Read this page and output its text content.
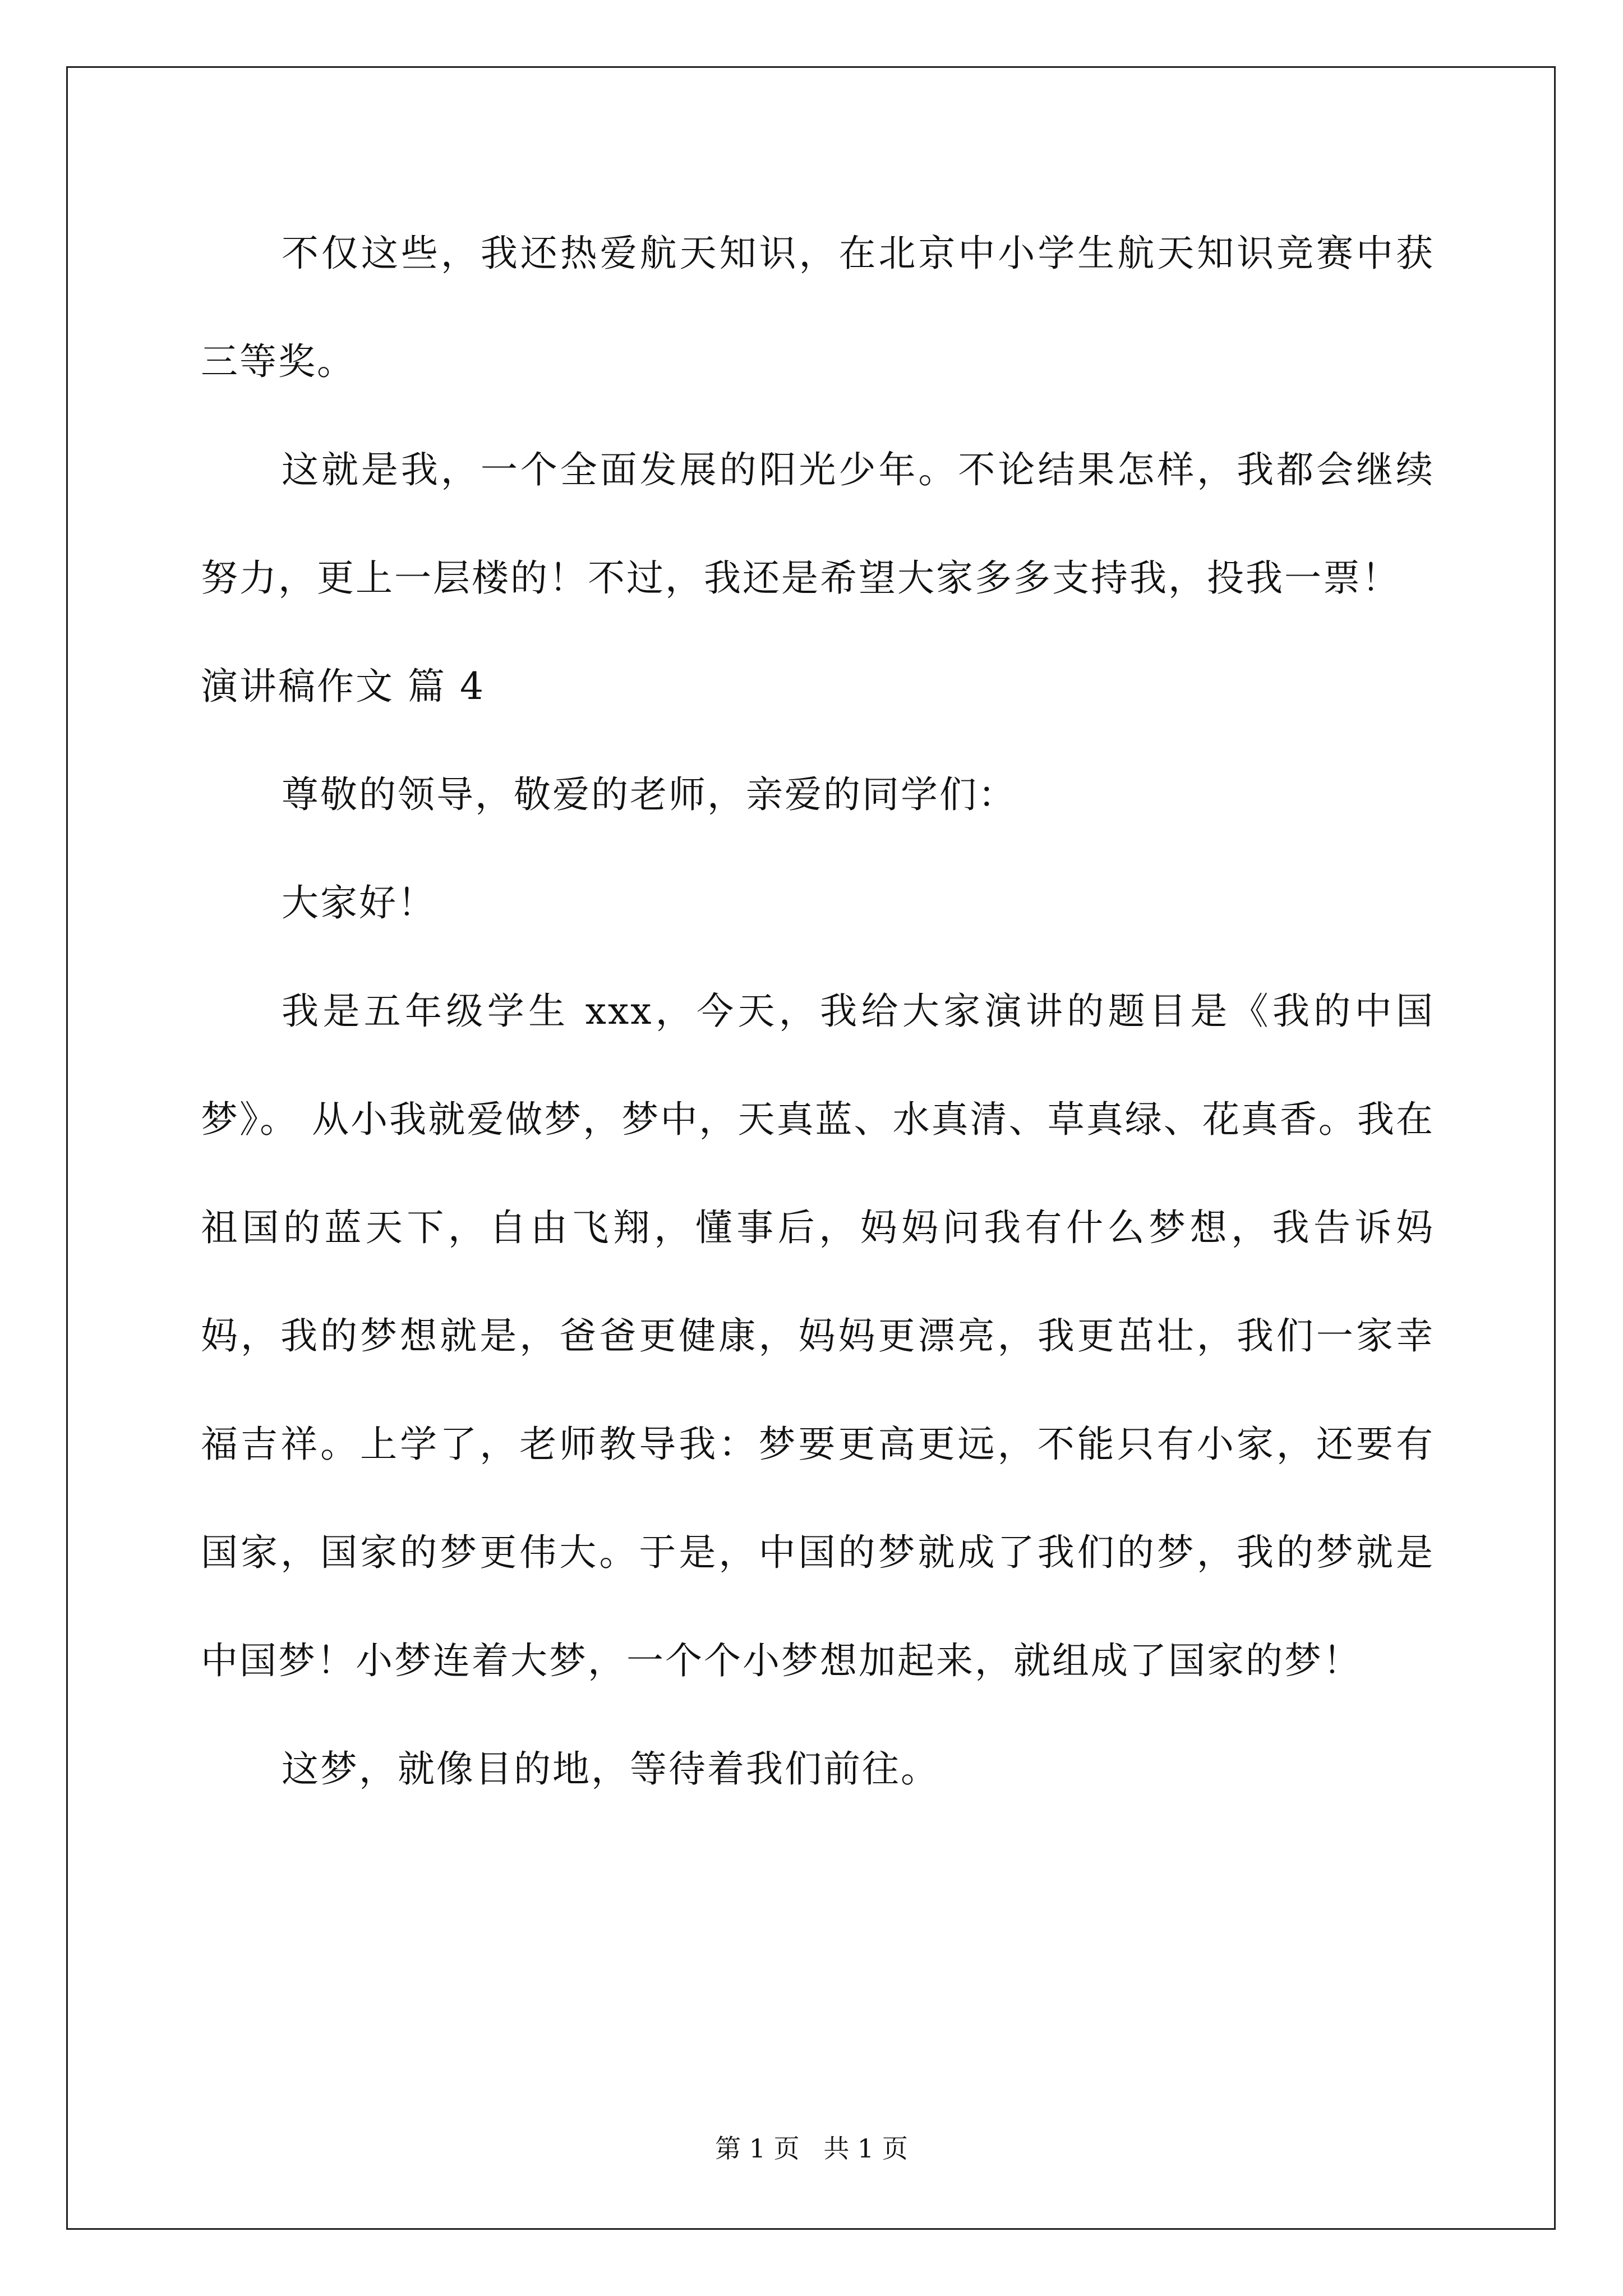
不仅这些，我还热爱航天知识，在北京中小学生航天知识竞赛中获三等奖。

这就是我，一个全面发展的阳光少年。不论结果怎样，我都会继续努力，更上一层楼的！不过，我还是希望大家多多支持我，投我一票！

演讲稿作文 篇 4

尊敬的领导，敬爱的老师，亲爱的同学们：

大家好！

我是五年级学生 xxx，今天，我给大家演讲的题目是《我的中国梦》。 从小我就爱做梦，梦中，天真蓝、水真清、草真绿、花真香。我在祖国的蓝天下，自由飞翔，懂事后，妈妈问我有什么梦想，我告诉妈妈，我的梦想就是，爸爸更健康，妈妈更漂亮，我更茁壮，我们一家幸福吉祥。上学了，老师教导我：梦要更高更远，不能只有小家，还要有国家，国家的梦更伟大。于是，中国的梦就成了我们的梦，我的梦就是中国梦！小梦连着大梦，一个个小梦想加起来，就组成了国家的梦！

这梦，就像目的地，等待着我们前往。

第 1 页 共 1 页
